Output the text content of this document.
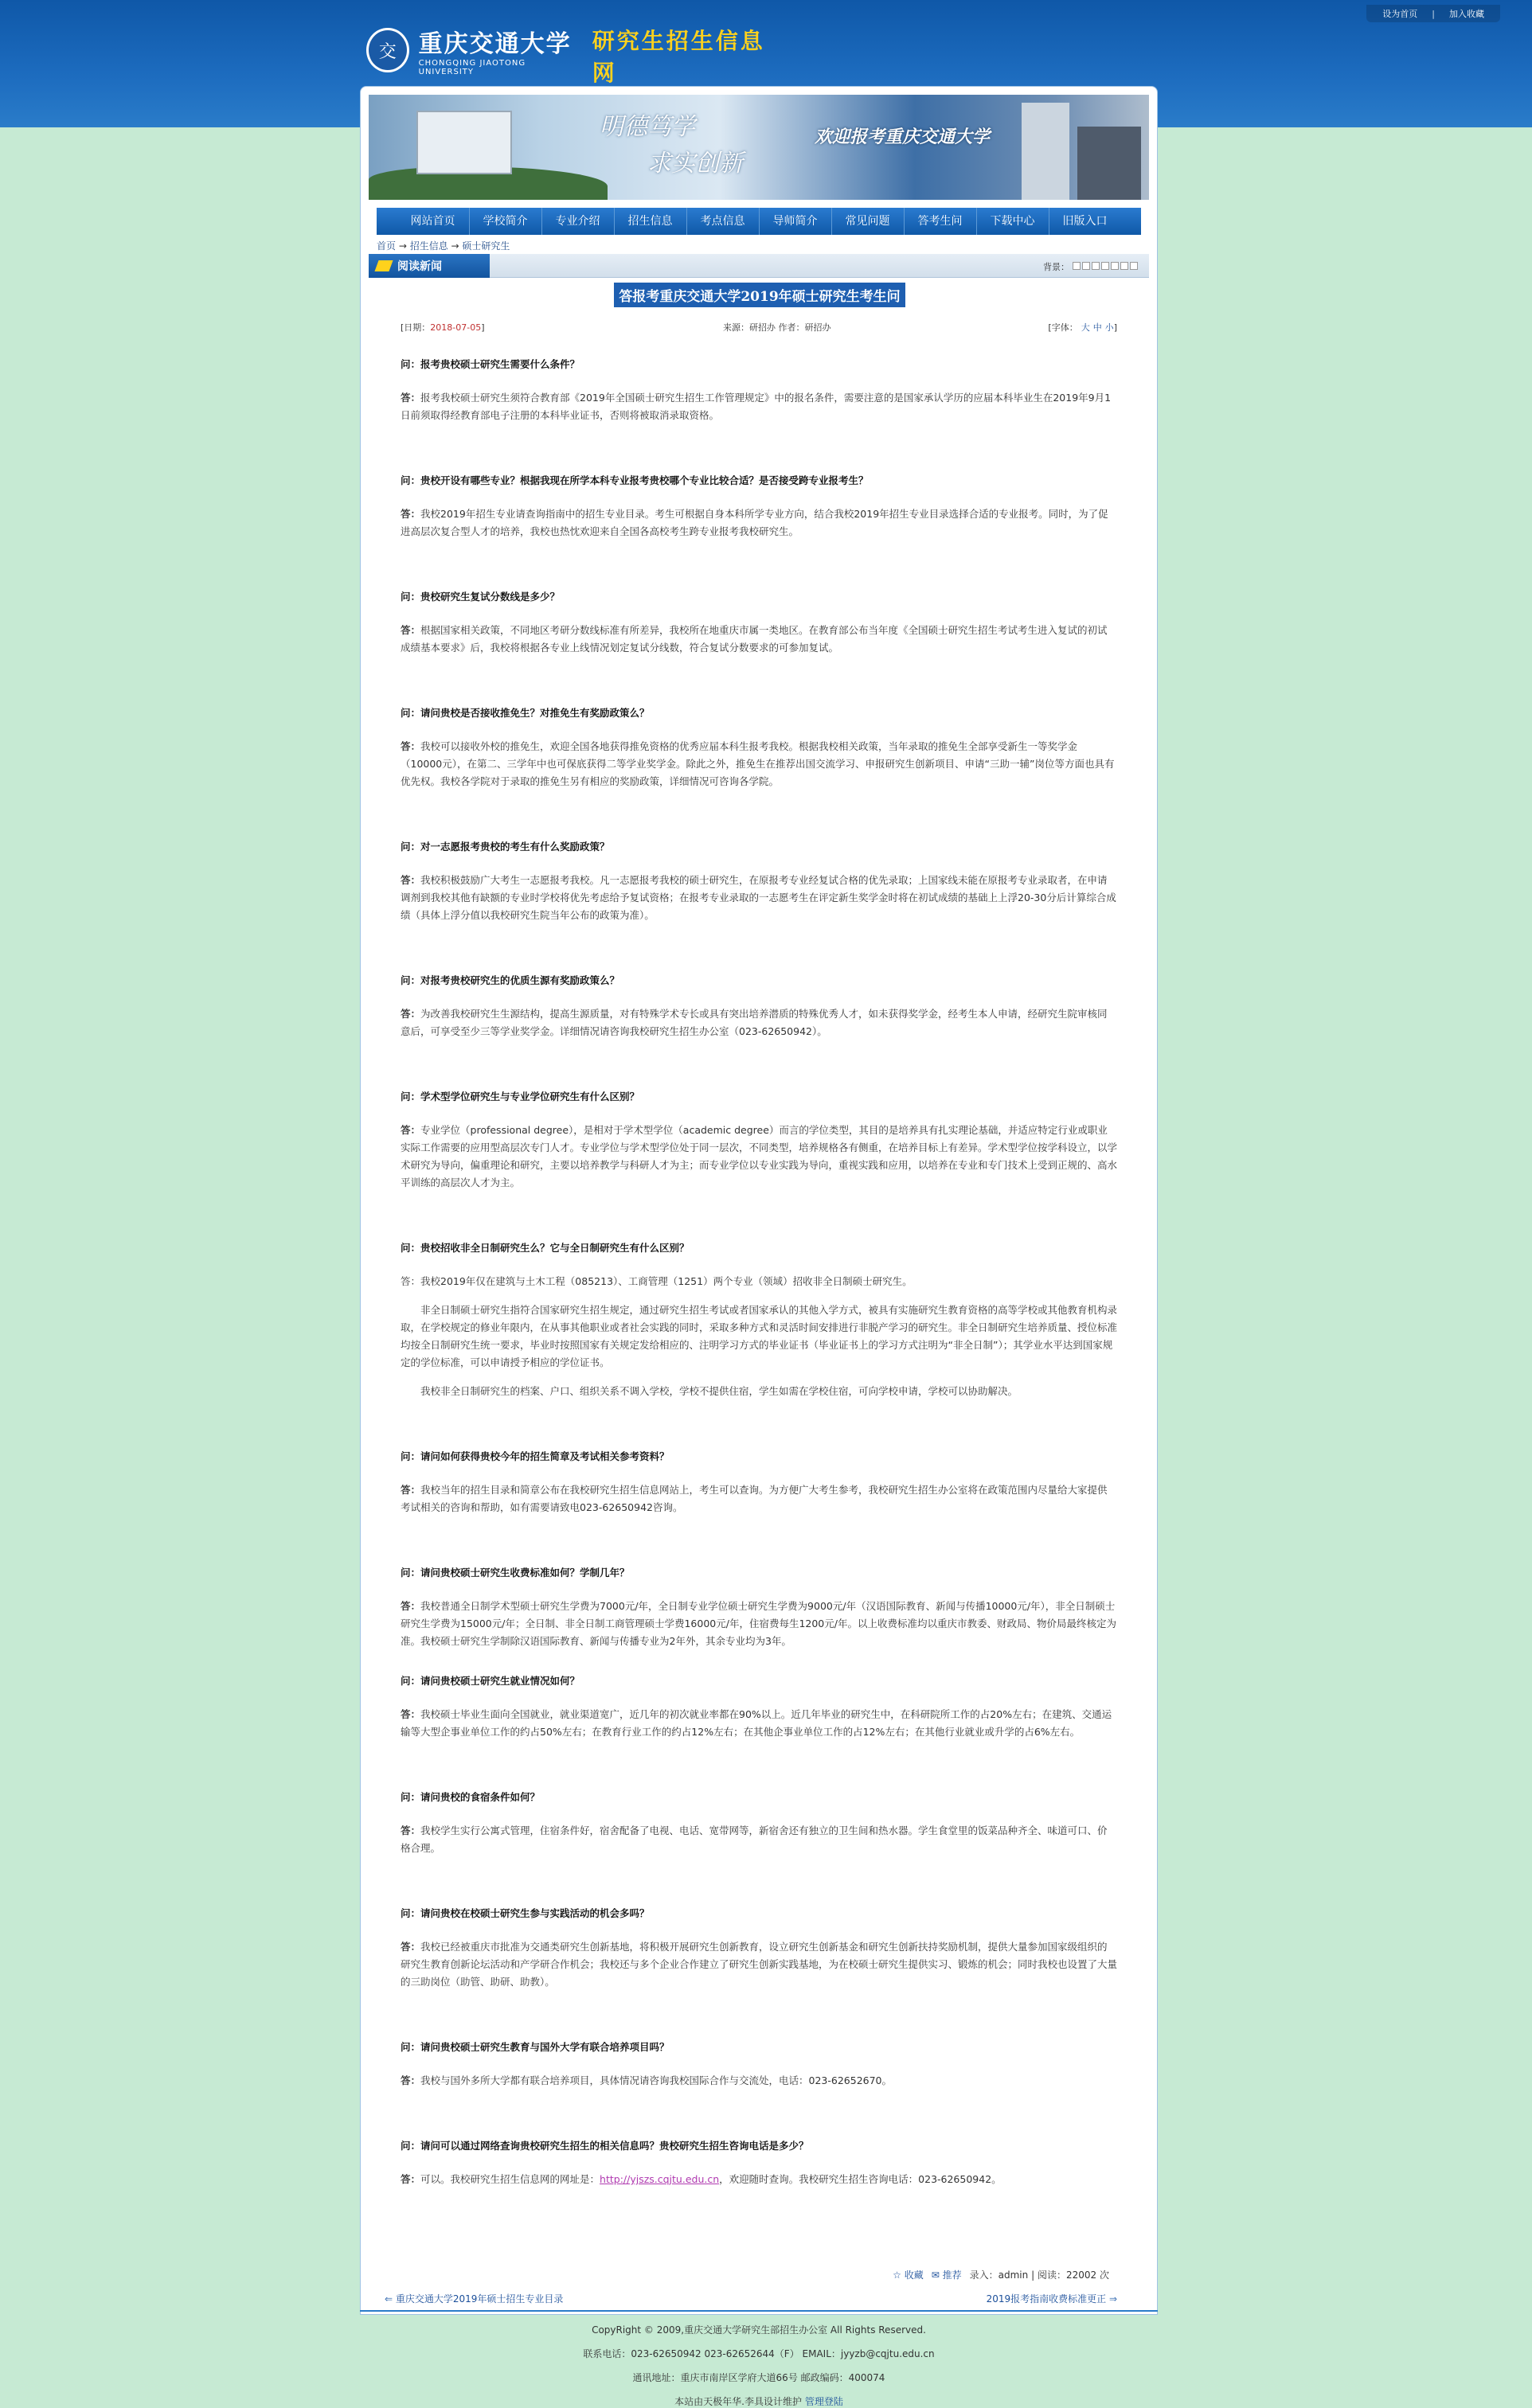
设为首页 | 加入收藏
交 重庆交通大学
CHONGQING JIAOTONG UNIVERSITY
研究生招生信息网
明德笃学
求实创新
欢迎报考重庆交通大学
网站首页	学校简介	专业介绍	招生信息	考点信息	导师简介	常见问题	答考生问	下载中心	旧版入口
首页 → 招生信息 → 硕士研究生
阅读新闻	背景：
答报考重庆交通大学2019年硕士研究生考生问
[日期：2018-07-05]	来源：研招办 作者：研招办	[字体： 大 中 小]
问：报考贵校硕士研究生需要什么条件？
答：报考我校硕士研究生须符合教育部《2019年全国硕士研究生招生工作管理规定》中的报名条件，需要注意的是国家承认学历的应届本科毕业生在2019年9月1日前须取得经教育部电子注册的本科毕业证书，否则将被取消录取资格。
问：贵校开设有哪些专业？根据我现在所学本科专业报考贵校哪个专业比较合适？是否接受跨专业报考生？
答：我校2019年招生专业请查询指南中的招生专业目录。考生可根据自身本科所学专业方向，结合我校2019年招生专业目录选择合适的专业报考。同时，为了促进高层次复合型人才的培养，我校也热忱欢迎来自全国各高校考生跨专业报考我校研究生。
问：贵校研究生复试分数线是多少？
答：根据国家相关政策，不同地区考研分数线标准有所差异，我校所在地重庆市属一类地区。在教育部公布当年度《全国硕士研究生招生考试考生进入复试的初试成绩基本要求》后，我校将根据各专业上线情况划定复试分线数，符合复试分数要求的可参加复试。
问：请问贵校是否接收推免生？对推免生有奖励政策么？
答：我校可以接收外校的推免生，欢迎全国各地获得推免资格的优秀应届本科生报考我校。根据我校相关政策，当年录取的推免生全部享受新生一等奖学金（10000元），在第二、三学年中也可保底获得二等学业奖学金。除此之外，推免生在推荐出国交流学习、申报研究生创新项目、申请“三助一辅”岗位等方面也具有优先权。我校各学院对于录取的推免生另有相应的奖励政策，详细情况可咨询各学院。
问：对一志愿报考贵校的考生有什么奖励政策？
答：我校积极鼓励广大考生一志愿报考我校。凡一志愿报考我校的硕士研究生，在原报考专业经复试合格的优先录取；上国家线未能在原报考专业录取者，在申请调剂到我校其他有缺额的专业时学校将优先考虑给予复试资格；在报考专业录取的一志愿考生在评定新生奖学金时将在初试成绩的基础上上浮20-30分后计算综合成绩（具体上浮分值以我校研究生院当年公布的政策为准）。
问：对报考贵校研究生的优质生源有奖励政策么？
答：为改善我校研究生生源结构，提高生源质量，对有特殊学术专长或具有突出培养潜质的特殊优秀人才，如未获得奖学金，经考生本人申请，经研究生院审核同意后，可享受至少三等学业奖学金。详细情况请咨询我校研究生招生办公室（023-62650942）。
问：学术型学位研究生与专业学位研究生有什么区别？
答：专业学位（professional degree），是相对于学术型学位（academic degree）而言的学位类型，其目的是培养具有扎实理论基础，并适应特定行业或职业实际工作需要的应用型高层次专门人才。专业学位与学术型学位处于同一层次，不同类型，培养规格各有侧重，在培养目标上有差异。学术型学位按学科设立，以学术研究为导向，偏重理论和研究，主要以培养教学与科研人才为主；而专业学位以专业实践为导向，重视实践和应用，以培养在专业和专门技术上受到正规的、高水平训练的高层次人才为主。
问：贵校招收非全日制研究生么？它与全日制研究生有什么区别？
答：我校2019年仅在建筑与土木工程（085213）、工商管理（1251）两个专业（领域）招收非全日制硕士研究生。
非全日制硕士研究生指符合国家研究生招生规定，通过研究生招生考试或者国家承认的其他入学方式，被具有实施研究生教育资格的高等学校或其他教育机构录取，在学校规定的修业年限内，在从事其他职业或者社会实践的同时，采取多种方式和灵活时间安排进行非脱产学习的研究生。非全日制研究生培养质量、授位标准均按全日制研究生统一要求，毕业时按照国家有关规定发给相应的、注明学习方式的毕业证书（毕业证书上的学习方式注明为“非全日制”）；其学业水平达到国家规定的学位标准，可以申请授予相应的学位证书。
我校非全日制研究生的档案、户口、组织关系不调入学校，学校不提供住宿，学生如需在学校住宿，可向学校申请，学校可以协助解决。
问：请问如何获得贵校今年的招生简章及考试相关参考资料？
答：我校当年的招生目录和简章公布在我校研究生招生信息网站上，考生可以查询。为方便广大考生参考，我校研究生招生办公室将在政策范围内尽量给大家提供考试相关的咨询和帮助，如有需要请致电023-62650942咨询。
问：请问贵校硕士研究生收费标准如何？学制几年？
答：我校普通全日制学术型硕士研究生学费为7000元/年，全日制专业学位硕士研究生学费为9000元/年（汉语国际教育、新闻与传播10000元/年），非全日制硕士研究生学费为15000元/年；全日制、非全日制工商管理硕士学费16000元/年，住宿费每生1200元/年。以上收费标准均以重庆市教委、财政局、物价局最终核定为准。我校硕士研究生学制除汉语国际教育、新闻与传播专业为2年外，其余专业均为3年。
问：请问贵校硕士研究生就业情况如何？
答：我校硕士毕业生面向全国就业，就业渠道宽广，近几年的初次就业率都在90%以上。近几年毕业的研究生中，在科研院所工作的占20%左右；在建筑、交通运输等大型企事业单位工作的约占50%左右；在教育行业工作的约占12%左右；在其他企事业单位工作的占12%左右；在其他行业就业或升学的占6%左右。
问：请问贵校的食宿条件如何？
答：我校学生实行公寓式管理，住宿条件好，宿舍配备了电视、电话、宽带网等，新宿舍还有独立的卫生间和热水器。学生食堂里的饭菜品种齐全、味道可口、价格合理。
问：请问贵校在校硕士研究生参与实践活动的机会多吗？
答：我校已经被重庆市批准为交通类研究生创新基地，将积极开展研究生创新教育，设立研究生创新基金和研究生创新扶持奖励机制，提供大量参加国家级组织的研究生教育创新论坛活动和产学研合作机会；我校还与多个企业合作建立了研究生创新实践基地，为在校硕士研究生提供实习、锻炼的机会；同时我校也设置了大量的三助岗位（助管、助研、助教）。
问：请问贵校硕士研究生教育与国外大学有联合培养项目吗？
答：我校与国外多所大学都有联合培养项目，具体情况请咨询我校国际合作与交流处，电话：023-62652670。
问：请问可以通过网络查询贵校研究生招生的相关信息吗？贵校研究生招生咨询电话是多少？
答：可以。我校研究生招生信息网的网址是：http://yjszs.cqjtu.edu.cn，欢迎随时查询。我校研究生招生咨询电话：023-62650942。
☆ 收藏 ✉ 推荐 录入：admin | 阅读：22002 次
⇐ 重庆交通大学2019年硕士招生专业目录	2019报考指南收费标准更正 ⇒
CopyRight © 2009,重庆交通大学研究生部招生办公室 All Rights Reserved.
联系电话：023-62650942 023-62652644（F） EMAIL：jyyzb@cqjtu.edu.cn
通讯地址：重庆市南岸区学府大道66号 邮政编码：400074
本站由天极年华.李具设计维护 管理登陆
